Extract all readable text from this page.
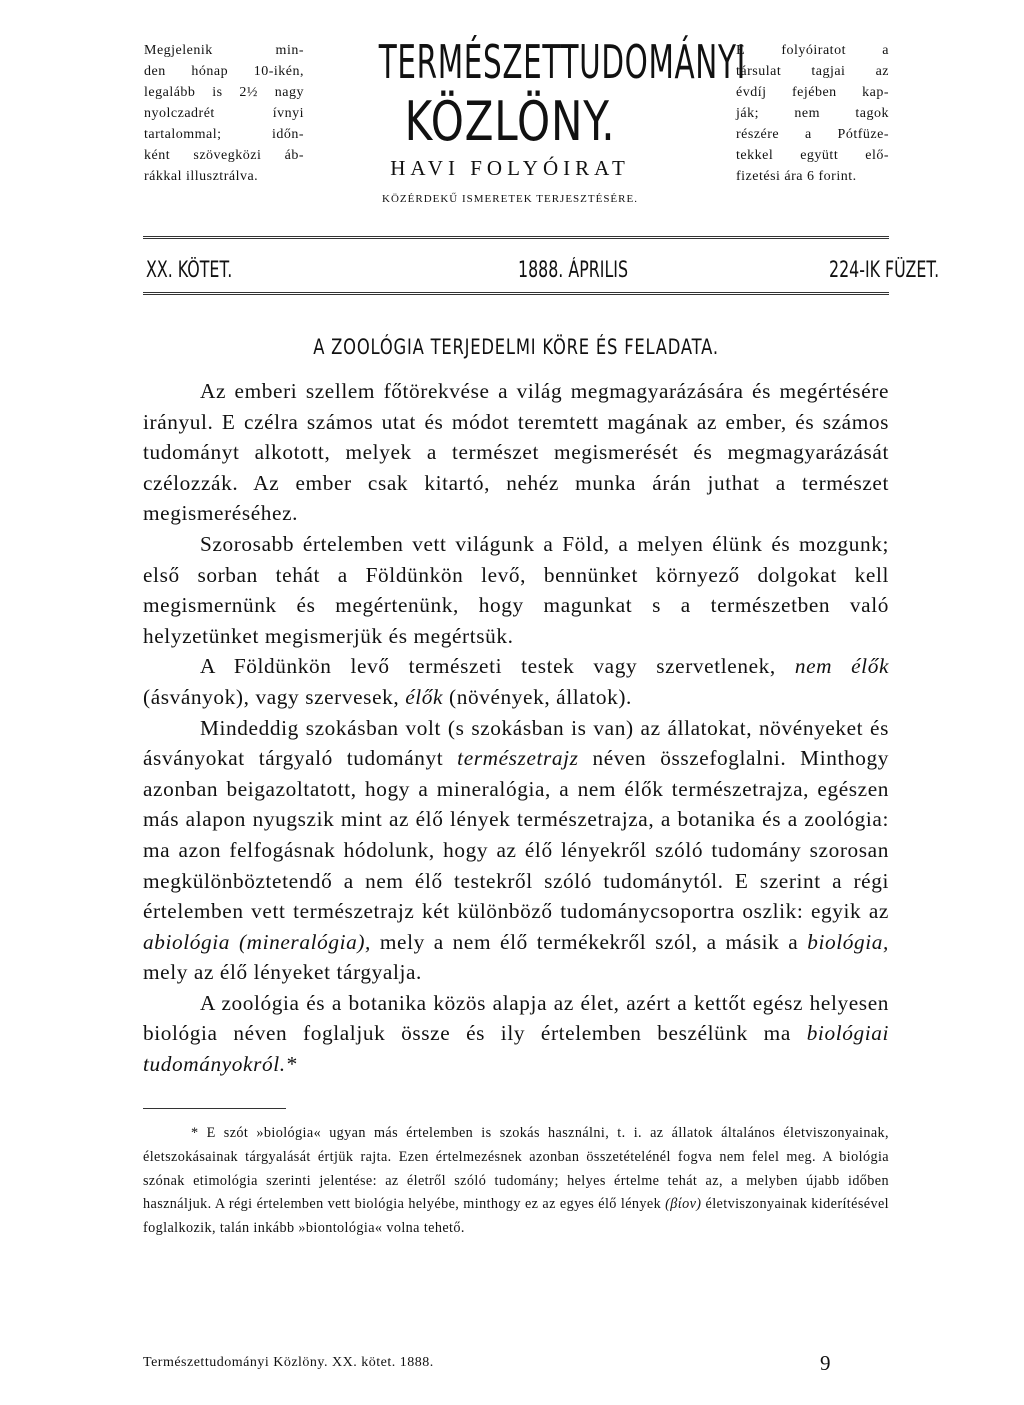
Megjelenik min-
den hónap 10-ikén,
legalább is 2½ nagy
nyolczadrét ívnyi
tartalommal; időn-
ként szövegközi áb-
rákkal illusztrálva.
TERMÉSZETTUDOMÁNYI
KÖZLÖNY.
HAVI FOLYÓIRAT
KÖZÉRDEKŰ ISMERETEK TERJESZTÉSÉRE.
E folyóiratot a
társulat tagjai az
évdíj fejében kap-
ják; nem tagok
részére a Pótfüze-
tekkel együtt elő-
fizetési ára 6 forint.
XX. KÖTET.	1888. ÁPRILIS	224-IK FÜZET.
A ZOOLÓGIA TERJEDELMI KÖRE ÉS FELADATA.

Az emberi szellem főtörekvése a világ megmagyarázására és megértésére irányul. E czélra számos utat és módot teremtett magának az ember, és számos tudományt alkotott, melyek a természet megismerését és megmagyarázását czélozzák. Az ember csak kitartó, nehéz munka árán juthat a természet megismeréséhez.

Szorosabb értelemben vett világunk a Föld, a melyen élünk és mozgunk; első sorban tehát a Földünkön levő, bennünket környező dolgokat kell megismernünk és megértenünk, hogy magunkat s a természetben való helyzetünket megismerjük és megértsük.

A Földünkön levő természeti testek vagy szervetlenek, nem élők (ásványok), vagy szervesek, élők (növények, állatok).

Mindeddig szokásban volt (s szokásban is van) az állatokat, növényeket és ásványokat tárgyaló tudományt természetrajz néven összefoglalni. Minthogy azonban beigazoltatott, hogy a mineralógia, a nem élők természetrajza, egészen más alapon nyugszik mint az élő lények természetrajza, a botanika és a zoológia: ma azon felfogásnak hódolunk, hogy az élő lényekről szóló tudomány szorosan megkülönböztetendő a nem élő testekről szóló tudománytól. E szerint a régi értelemben vett természetrajz két különböző tudománycsoportra oszlik: egyik az abiológia (mineralógia), mely a nem élő termékekről szól, a másik a biológia, mely az élő lényeket tárgyalja.

A zoológia és a botanika közös alapja az élet, azért a kettőt egész helyesen biológia néven foglaljuk össze és ily értelemben beszélünk ma biológiai tudományokról.*

* E szót »biológia« ugyan más értelemben is szokás használni, t. i. az állatok általános életviszonyainak, életszokásainak tárgyalását értjük rajta. Ezen értelmezésnek azonban összetételénél fogva nem felel meg. A biológia szónak etimológia szerinti jelentése: az életről szóló tudomány; helyes értelme tehát az, a melyben újabb időben használjuk. A régi értelemben vett biológia helyébe, minthogy ez az egyes élő lények (βίον) életviszonyainak kiderítésével foglalkozik, talán inkább »biontológia« volna tehető.

Természettudományi Közlöny. XX. kötet. 1888.	9
